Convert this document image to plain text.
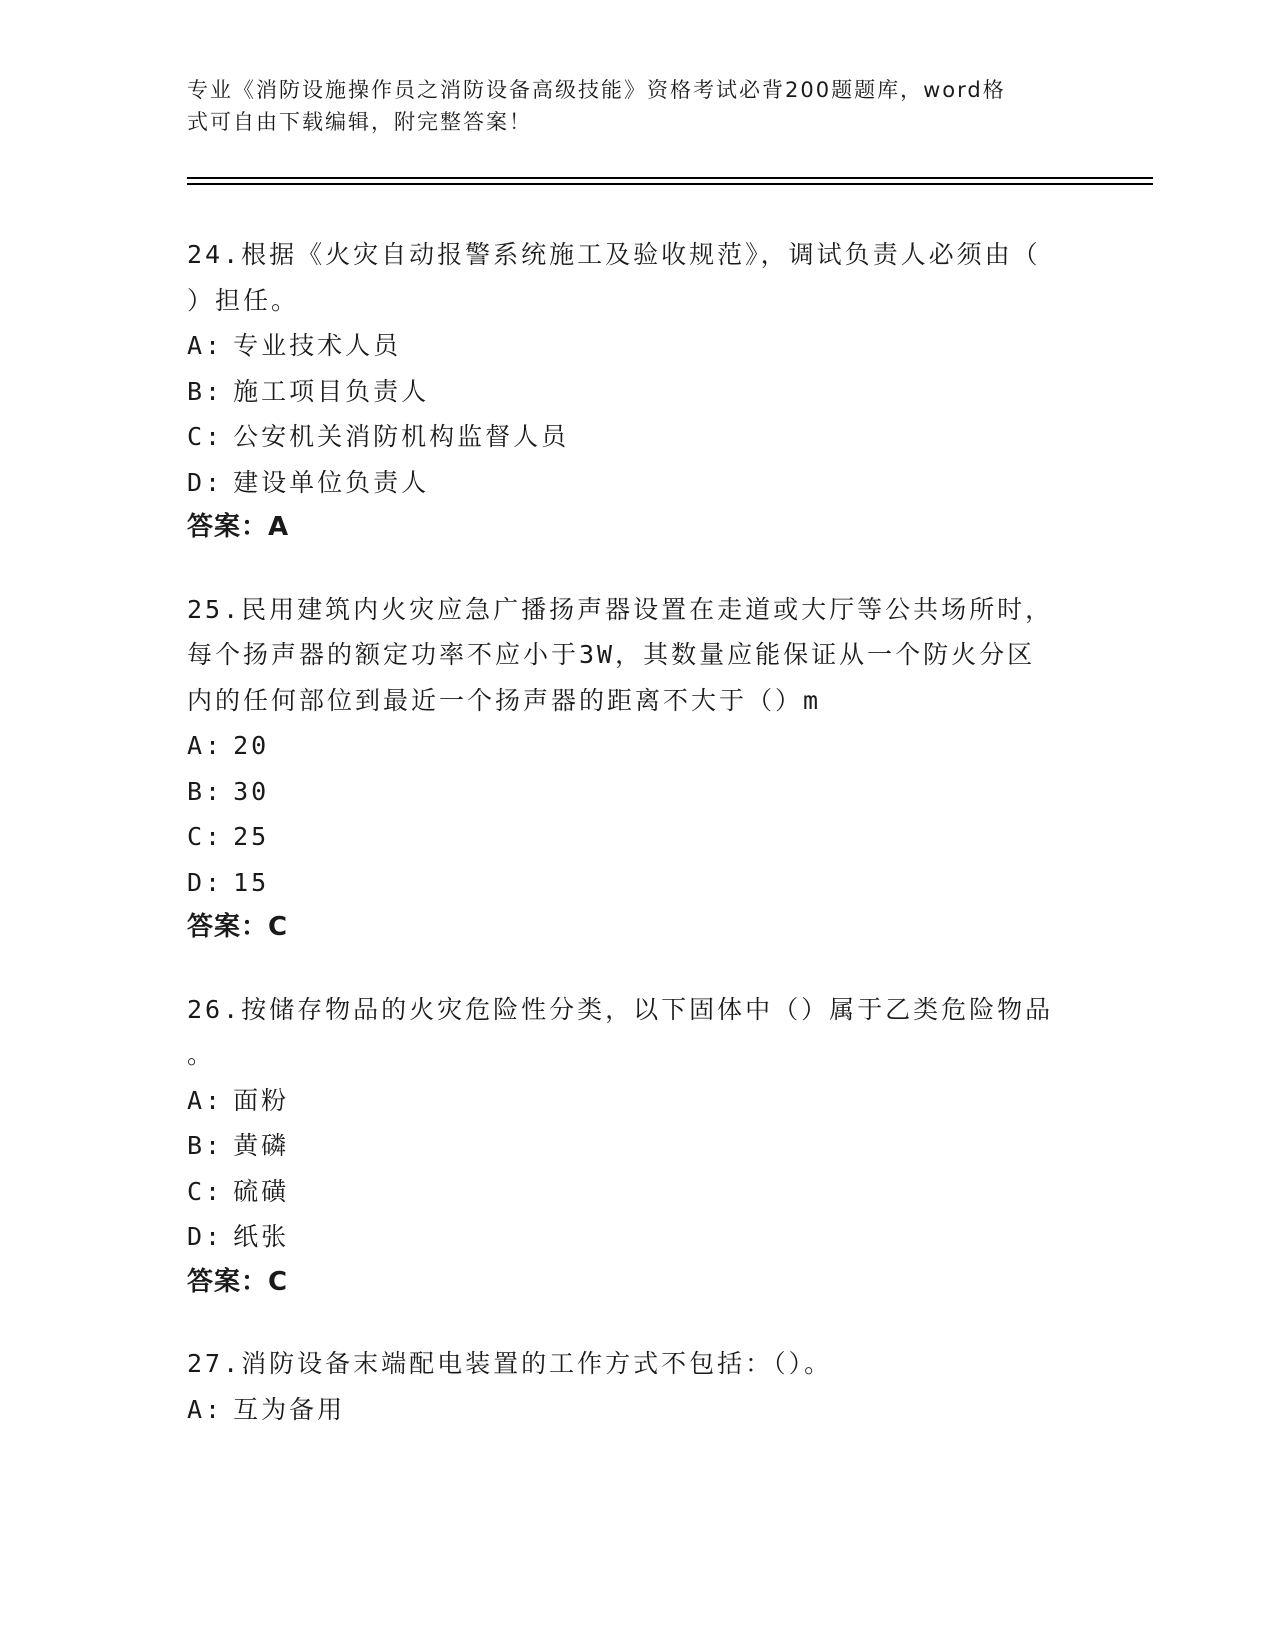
专业《消防设施操作员之消防设备高级技能》资格考试必背200题题库，word格

式可自由下载编辑，附完整答案！

24.根据《火灾自动报警系统施工及验收规范》，调试负责人必须由（

）担任。

A: 专业技术人员

B: 施工项目负责人

C: 公安机关消防机构监督人员

D: 建设单位负责人

答案：A

25.民用建筑内火灾应急广播扬声器设置在走道或大厅等公共场所时，

每个扬声器的额定功率不应小于3W，其数量应能保证从一个防火分区

内的任何部位到最近一个扬声器的距离不大于（）m

A: 20

B: 30

C: 25

D: 15

答案：C

26.按储存物品的火灾危险性分类，以下固体中（）属于乙类危险物品

。

A: 面粉

B: 黄磷

C: 硫磺

D: 纸张

答案：C

27.消防设备末端配电装置的工作方式不包括：（）。

A: 互为备用
